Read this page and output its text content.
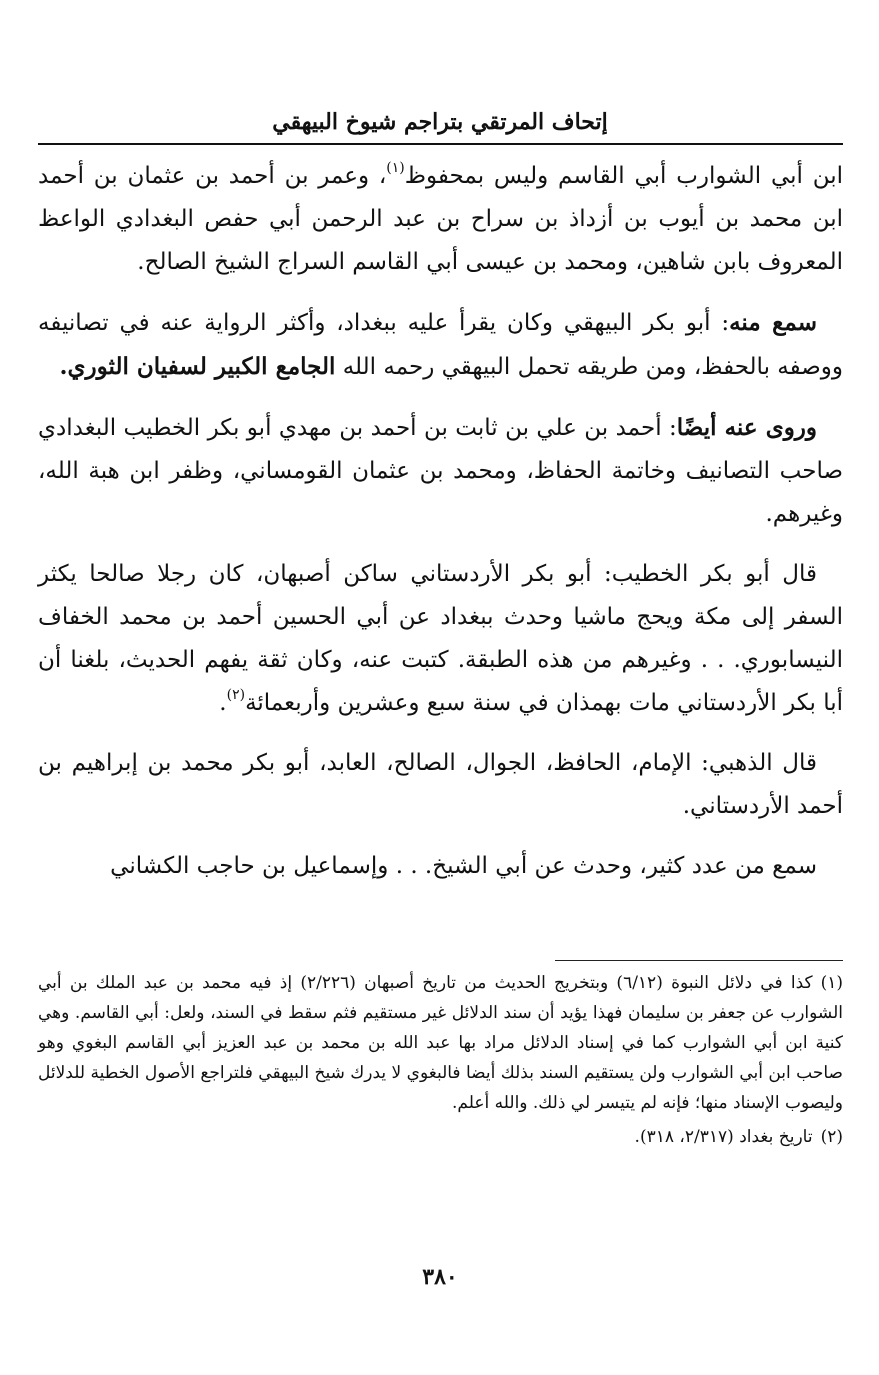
إتحاف المرتقي بتراجم شيوخ البيهقي

ابن أبي الشوارب أبي القاسم وليس بمحفوظ$^{(١)}$، وعمر بن أحمد بن عثمان بن أحمد ابن محمد بن أيوب بن أزداذ بن سراح بن عبد الرحمن أبي حفص البغدادي الواعظ المعروف بابن شاهين، ومحمد بن عيسى أبي القاسم السراج الشيخ الصالح.

سمع منه: أبو بكر البيهقي وكان يقرأ عليه ببغداد، وأكثر الرواية عنه في تصانيفه ووصفه بالحفظ، ومن طريقه تحمل البيهقي رحمه الله الجامع الكبير لسفيان الثوري.

وروى عنه أيضًا: أحمد بن علي بن ثابت بن أحمد بن مهدي أبو بكر الخطيب البغدادي صاحب التصانيف وخاتمة الحفاظ، ومحمد بن عثمان القومساني، وظفر ابن هبة الله، وغيرهم.

قال أبو بكر الخطيب: أبو بكر الأردستاني ساكن أصبهان، كان رجلا صالحا يكثر السفر إلى مكة ويحج ماشيا وحدث ببغداد عن أبي الحسين أحمد بن محمد الخفاف النيسابوري. . . وغيرهم من هذه الطبقة. كتبت عنه، وكان ثقة يفهم الحديث، بلغنا أن أبا بكر الأردستاني مات بهمذان في سنة سبع وعشرين وأربعمائة$^{(٢)}$.

قال الذهبي: الإمام، الحافظ، الجوال، الصالح، العابد، أبو بكر محمد بن إبراهيم بن أحمد الأردستاني.

سمع من عدد كثير، وحدث عن أبي الشيخ. . . وإسماعيل بن حاجب الكشاني

(١)كذا في دلائل النبوة (٦/١٢) وبتخريج الحديث من تاريخ أصبهان (٢/٢٢٦) إذ فيه محمد بن عبد الملك بن أبي الشوارب عن جعفر بن سليمان فهذا يؤيد أن سند الدلائل غير مستقيم فثم سقط في السند، ولعل: أبي القاسم. وهي كنية ابن أبي الشوارب كما في إسناد الدلائل مراد بها عبد الله بن محمد بن عبد العزيز أبي القاسم البغوي وهو صاحب ابن أبي الشوارب ولن يستقيم السند بذلك أيضا فالبغوي لا يدرك شيخ البيهقي فلتراجع الأصول الخطية للدلائل وليصوب الإسناد منها؛ فإنه لم يتيسر لي ذلك. والله أعلم.
(٢)تاريخ بغداد (٢/٣١٧، ٣١٨).
٣٨٠
